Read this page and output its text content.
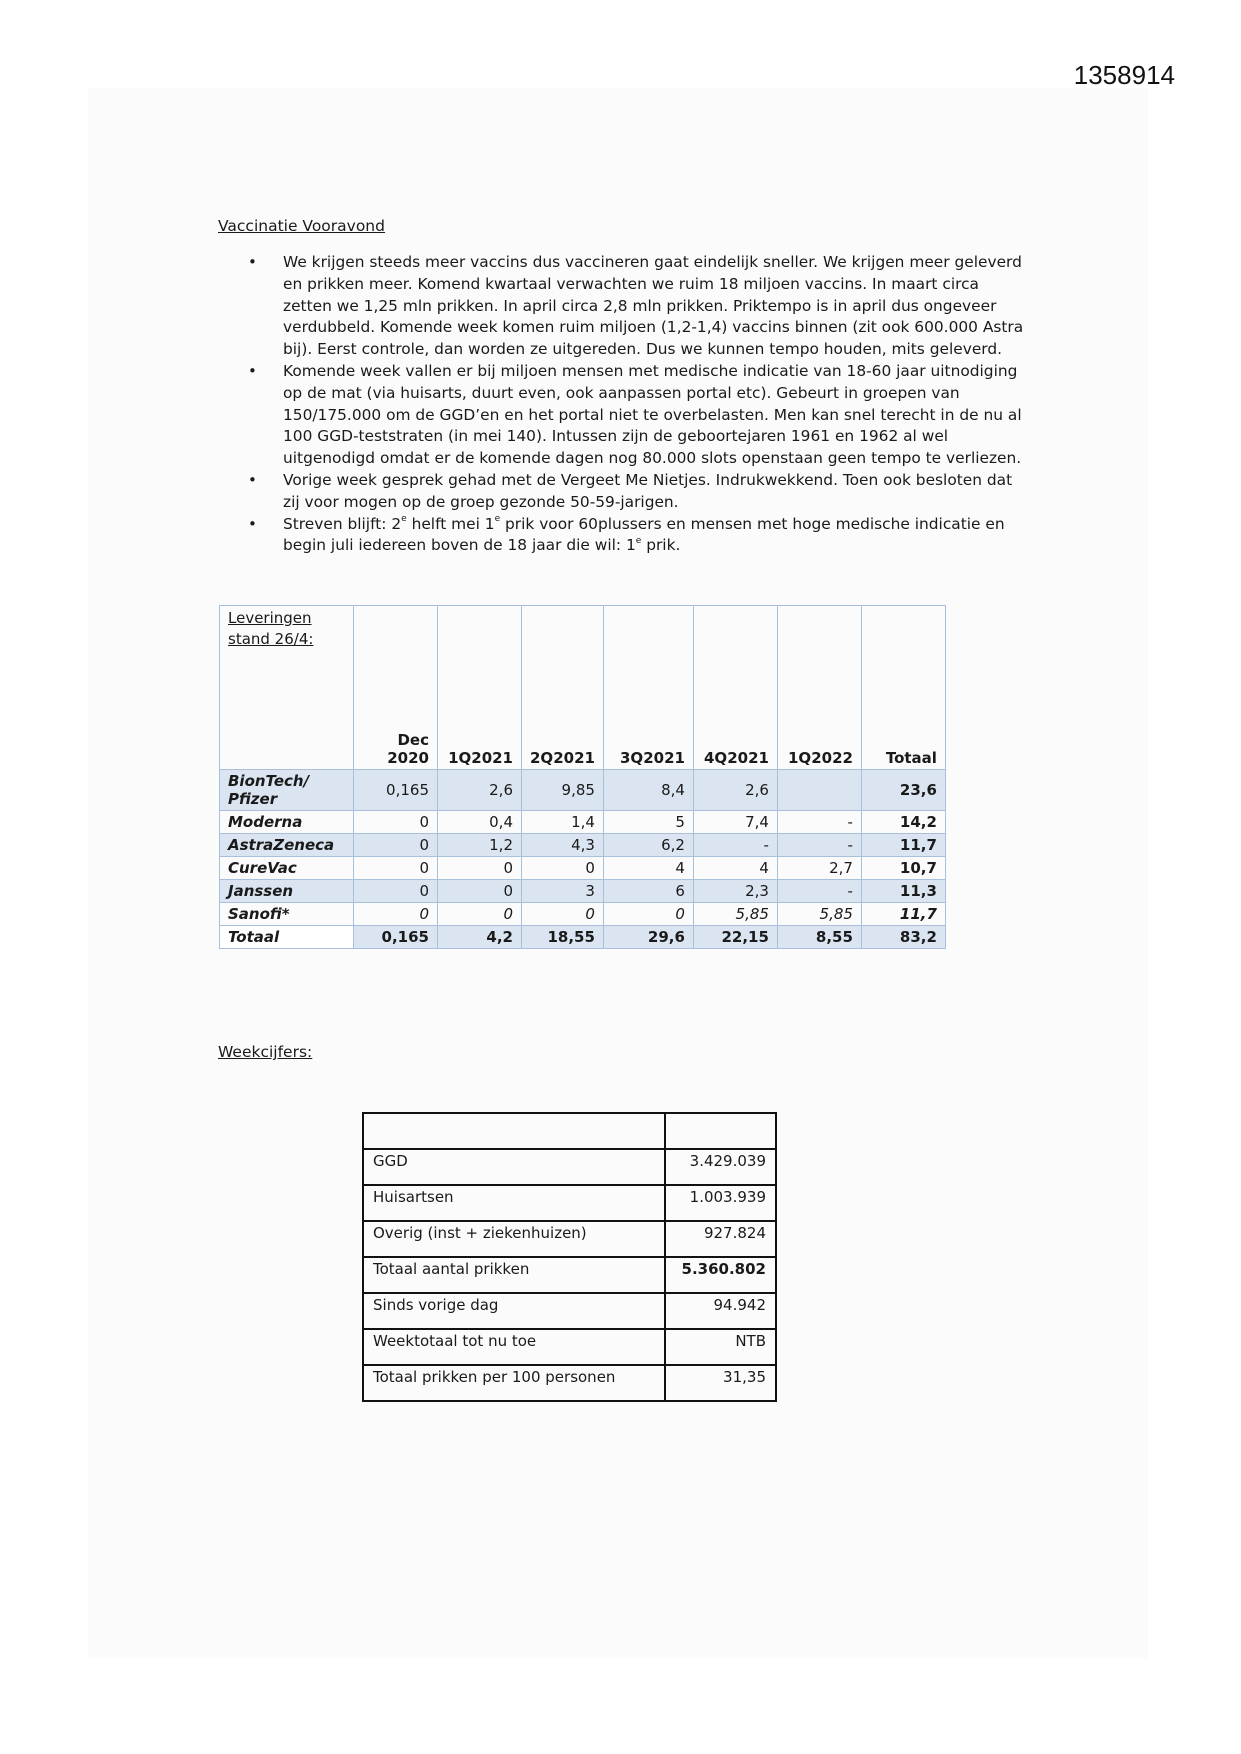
1358914
Vaccinatie Vooravond
• We krijgen steeds meer vaccins dus vaccineren gaat eindelijk sneller. We krijgen meer geleverd en prikken meer. Komend kwartaal verwachten we ruim 18 miljoen vaccins. In maart circa zetten we 1,25 mln prikken. In april circa 2,8 mln prikken. Priktempo is in april dus ongeveer verdubbeld. Komende week komen ruim miljoen (1,2-1,4) vaccins binnen (zit ook 600.000 Astra bij). Eerst controle, dan worden ze uitgereden. Dus we kunnen tempo houden, mits geleverd.
• Komende week vallen er bij miljoen mensen met medische indicatie van 18-60 jaar uitnodiging op de mat (via huisarts, duurt even, ook aanpassen portal etc). Gebeurt in groepen van 150/175.000 om de GGD’en en het portal niet te overbelasten. Men kan snel terecht in de nu al 100 GGD-teststraten (in mei 140). Intussen zijn de geboortejaren 1961 en 1962 al wel uitgenodigd omdat er de komende dagen nog 80.000 slots openstaan geen tempo te verliezen.
• Vorige week gesprek gehad met de Vergeet Me Nietjes. Indrukwekkend. Toen ook besloten dat zij voor mogen op de groep gezonde 50-59-jarigen.
• Streven blijft: 2e helft mei 1e prik voor 60plussers en mensen met hoge medische indicatie en begin juli iedereen boven de 18 jaar die wil: 1e prik.
Leveringen stand 26/4:	Dec 2020	1Q2021	2Q2021	3Q2021	4Q2021	1Q2022	Totaal
BionTech/ Pfizer	0,165	2,6	9,85	8,4	2,6		23,6
Moderna	0	0,4	1,4	5	7,4	-	14,2
AstraZeneca	0	1,2	4,3	6,2	-	-	11,7
CureVac	0	0	0	4	4	2,7	10,7
Janssen	0	0	3	6	2,3	-	11,3
Sanofi*	0	0	0	0	5,85	5,85	11,7
Totaal	0,165	4,2	18,55	29,6	22,15	8,55	83,2
Weekcijfers:

GGD	3.429.039
Huisartsen	1.003.939
Overig (inst + ziekenhuizen)	927.824
Totaal aantal prikken	5.360.802
Sinds vorige dag	94.942
Weektotaal tot nu toe	NTB
Totaal prikken per 100 personen	31,35
